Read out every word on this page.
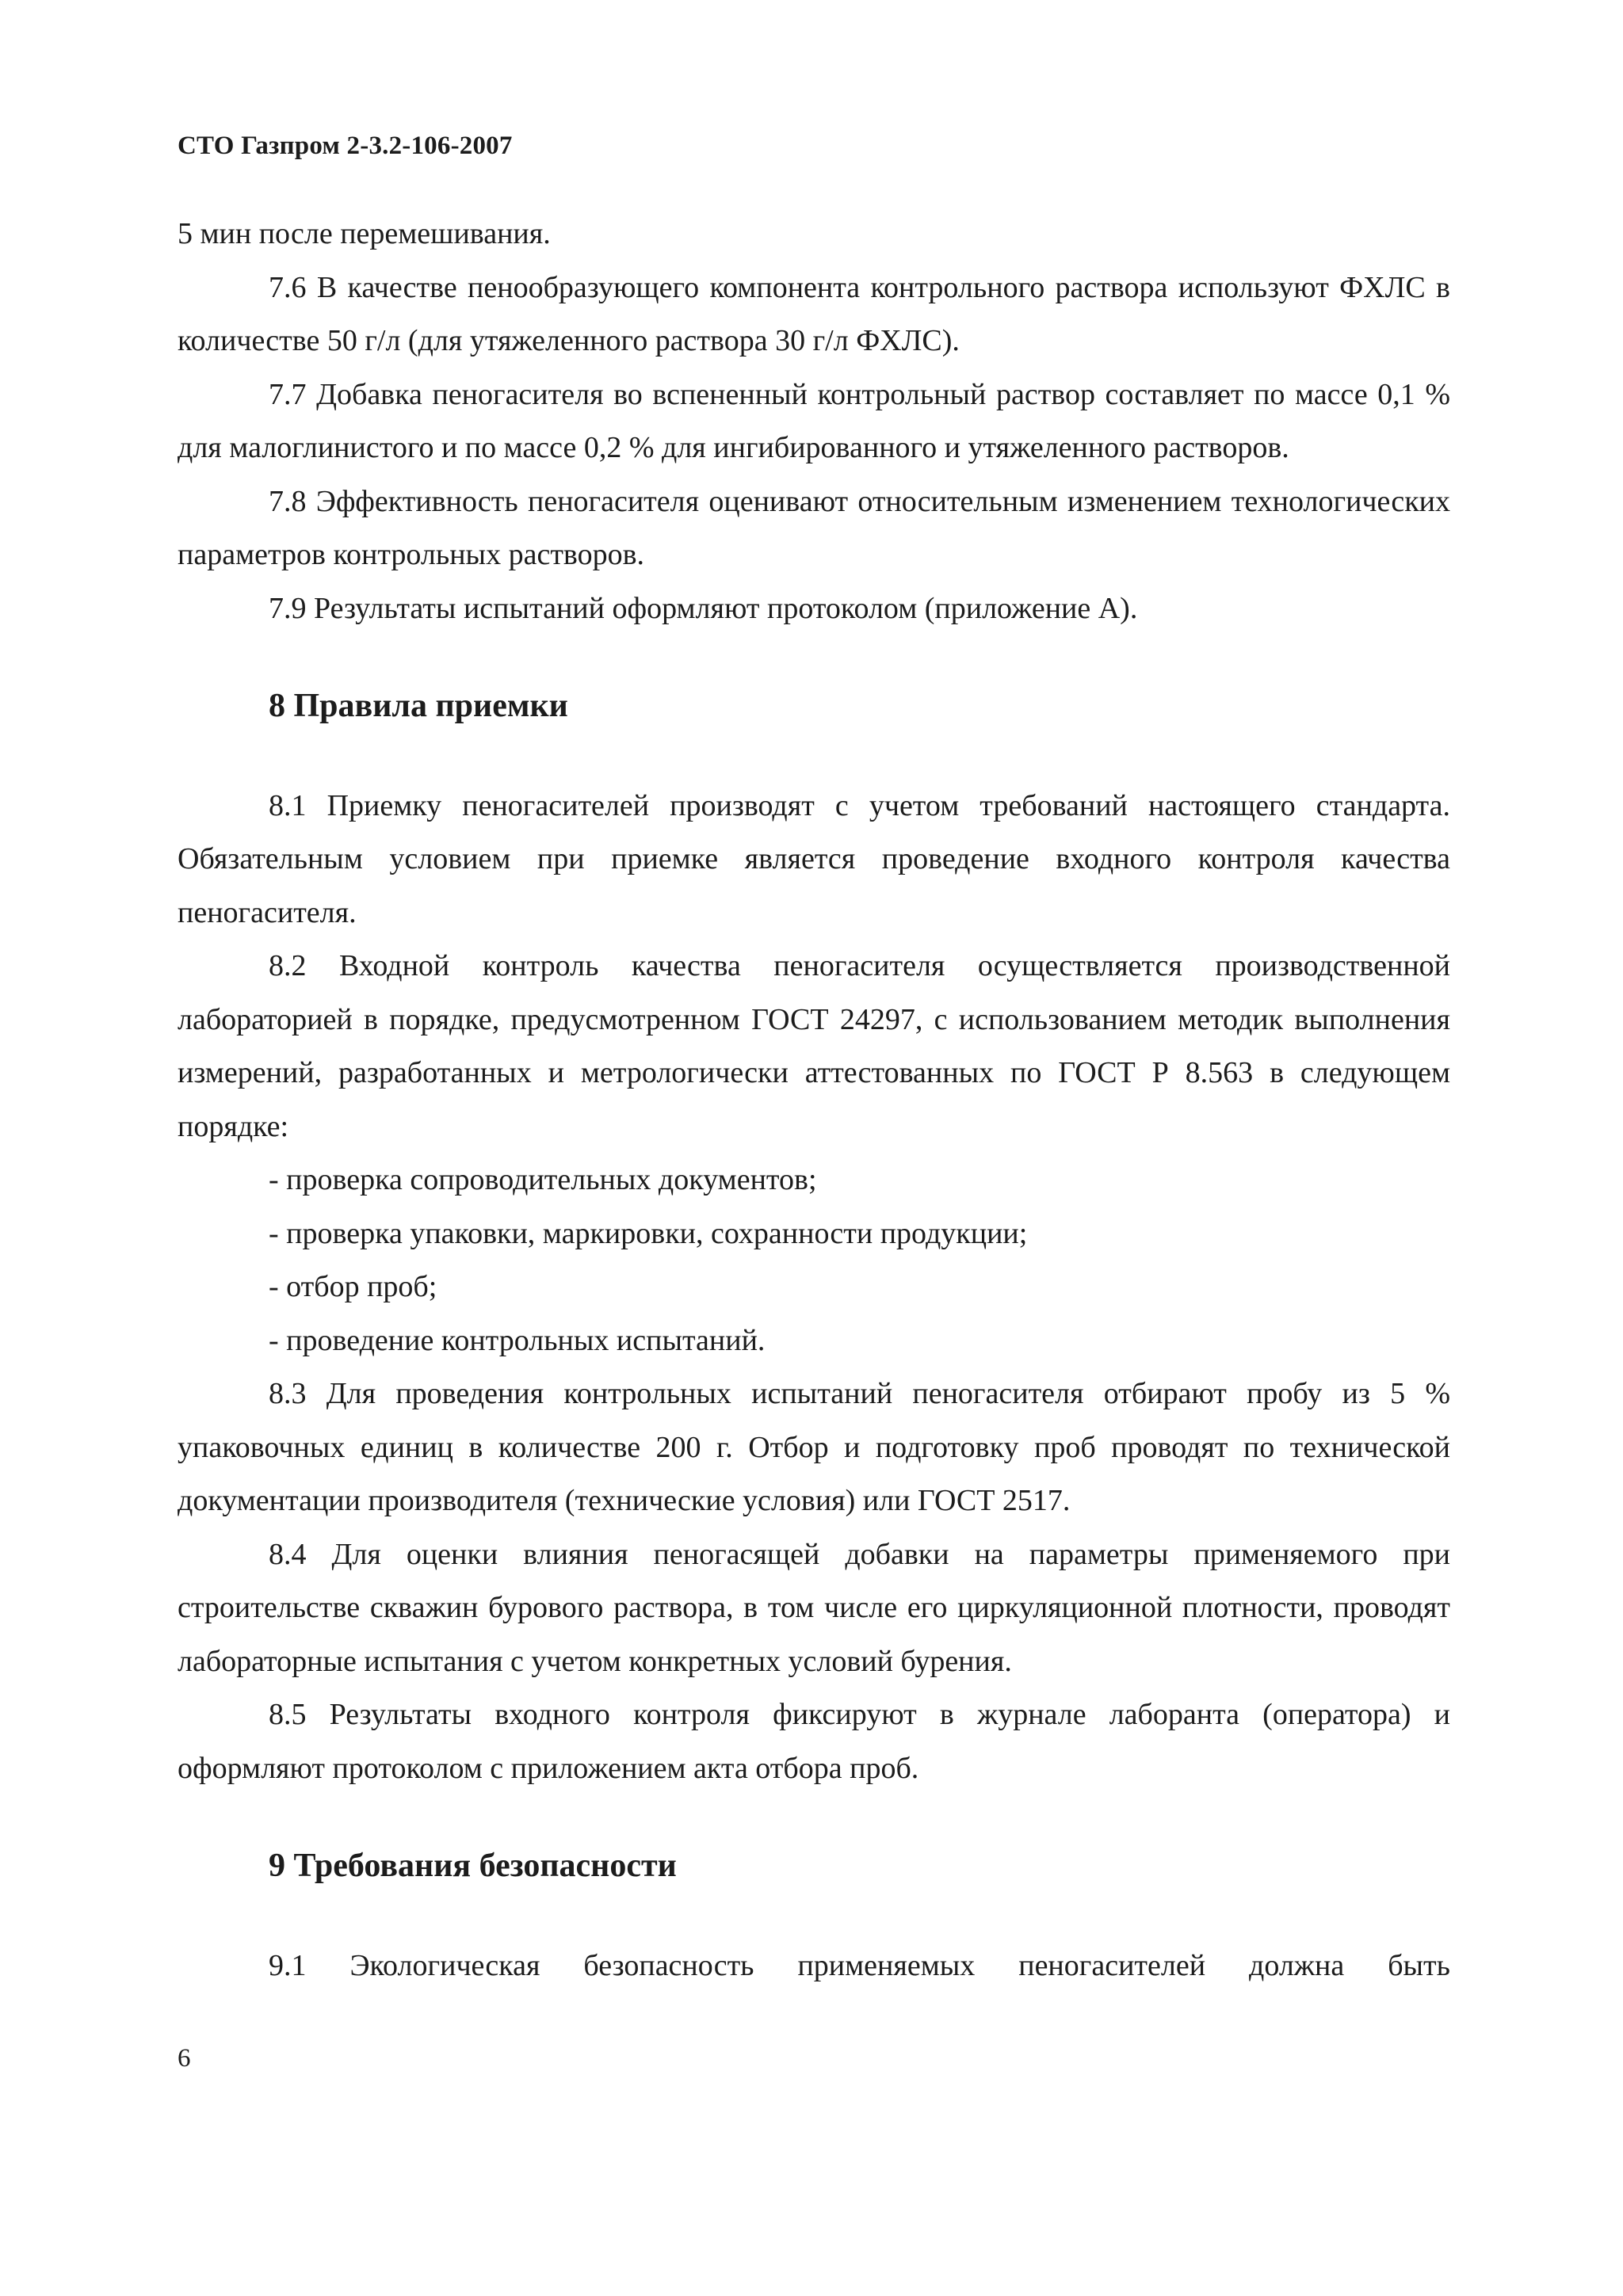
СТО Газпром 2-3.2-106-2007

5 мин после перемешивания.

7.6 В качестве пенообразующего компонента контрольного раствора используют ФХЛС в количестве 50 г/л (для утяжеленного раствора 30 г/л ФХЛС).

7.7 Добавка пеногасителя во вспененный контрольный раствор составляет по массе 0,1 % для малоглинистого и по массе 0,2 % для ингибированного и утяжеленного растворов.

7.8 Эффективность пеногасителя оценивают относительным изменением технологических параметров контрольных растворов.

7.9 Результаты испытаний оформляют протоколом (приложение А).

8 Правила приемки

8.1 Приемку пеногасителей производят с учетом требований настоящего стандарта. Обязательным условием при приемке является проведение входного контроля качества пеногасителя.

8.2 Входной контроль качества пеногасителя осуществляется производственной лабораторией в порядке, предусмотренном ГОСТ 24297, с использованием методик выполнения измерений, разработанных и метрологически аттестованных по ГОСТ Р 8.563 в следующем порядке:

- проверка сопроводительных документов;

- проверка упаковки, маркировки, сохранности продукции;

- отбор проб;

- проведение контрольных испытаний.

8.3 Для проведения контрольных испытаний пеногасителя отбирают пробу из 5 % упаковочных единиц в количестве 200 г. Отбор и подготовку проб проводят по технической документации производителя (технические условия) или ГОСТ 2517.

8.4 Для оценки влияния пеногасящей добавки на параметры применяемого при строительстве скважин бурового раствора, в том числе его циркуляционной плотности, проводят лабораторные испытания с учетом конкретных условий бурения.

8.5 Результаты входного контроля фиксируют в журнале лаборанта (оператора) и оформляют протоколом с приложением акта отбора проб.

9 Требования безопасности

9.1 Экологическая безопасность применяемых пеногасителей должна быть

6
